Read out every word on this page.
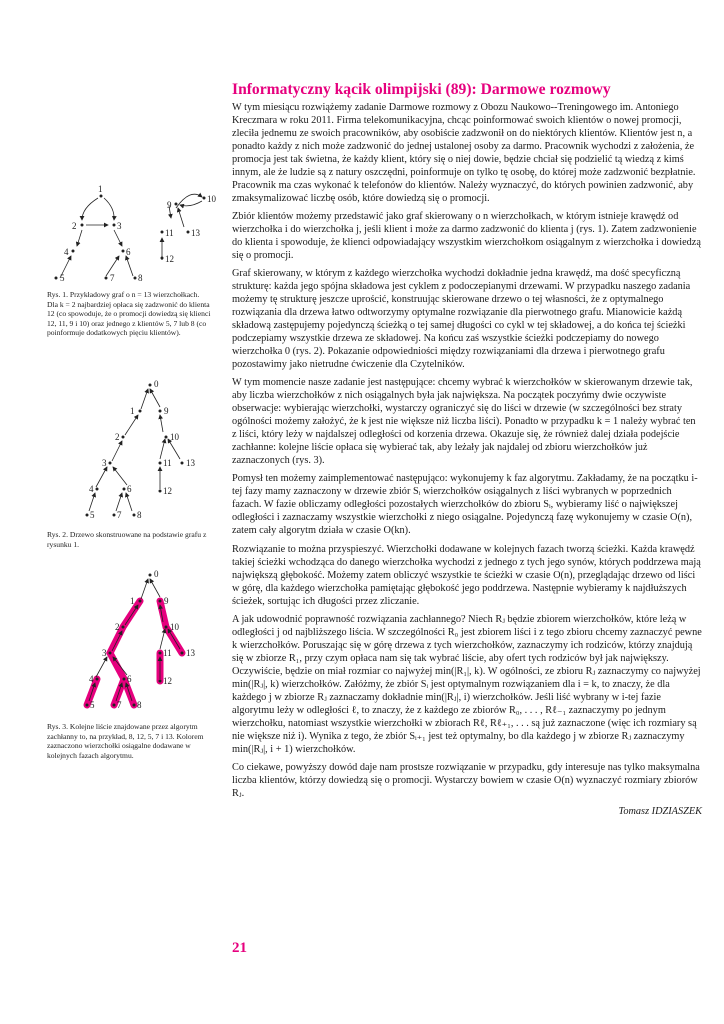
Informatyczny kącik olimpijski (89): Darmowe rozmowy
1
2	3
4
5
6
7	8
9
10
11 13
12
Rys. 1. Przykładowy graf o n = 13 wierzchołkach. Dla k = 2 najbardziej opłaca się zadzwonić do klienta 12 (co spowoduje, że o promocji dowiedzą się klienci 12, 11, 9 i 10) oraz jednego z klientów 5, 7 lub 8 (co poinformuje dodatkowych pięciu klientów).
0
1	9
2	10
3	11 13
4	6	12
5	7 8
Rys. 2. Drzewo skonstruowane na podstawie grafu z rysunku 1.
0
1	9
2	10
3	11 13
4	6	12
5	7 8
Rys. 3. Kolejne liście znajdowane przez algorytm zachłanny to, na przykład, 8, 12, 5, 7 i 13. Kolorem zaznaczono wierzchołki osiągalne dodawane w kolejnych fazach algorytmu.

W tym miesiącu rozwiążemy zadanie Darmowe rozmowy z Obozu Naukowo--Treningowego im. Antoniego Kreczmara w roku 2011. Firma telekomunikacyjna, chcąc poinformować swoich klientów o nowej promocji, zleciła jednemu ze swoich pracowników, aby osobiście zadzwonił on do niektórych klientów. Klientów jest n, a ponadto każdy z nich może zadzwonić do jednej ustalonej osoby za darmo. Pracownik wychodzi z założenia, że promocja jest tak świetna, że każdy klient, który się o niej dowie, będzie chciał się podzielić tą wiedzą z kimś innym, ale że ludzie są z natury oszczędni, poinformuje on tylko tę osobę, do której może zadzwonić bezpłatnie. Pracownik ma czas wykonać k telefonów do klientów. Należy wyznaczyć, do których powinien zadzwonić, aby zmaksymalizować liczbę osób, które dowiedzą się o promocji.

Zbiór klientów możemy przedstawić jako graf skierowany o n wierzchołkach, w którym istnieje krawędź od wierzchołka i do wierzchołka j, jeśli klient i może za darmo zadzwonić do klienta j (rys. 1). Zatem zadzwonienie do klienta i spowoduje, że klienci odpowiadający wszystkim wierzchołkom osiągalnym z wierzchołka i dowiedzą się o promocji.

Graf skierowany, w którym z każdego wierzchołka wychodzi dokładnie jedna krawędź, ma dość specyficzną strukturę: każda jego spójna składowa jest cyklem z podoczepianymi drzewami. W przypadku naszego zadania możemy tę strukturę jeszcze uprościć, konstruując skierowane drzewo o tej własności, że z optymalnego rozwiązania dla drzewa łatwo odtworzymy optymalne rozwiązanie dla pierwotnego grafu. Mianowicie każdą składową zastępujemy pojedynczą ścieżką o tej samej długości co cykl w tej składowej, a do końca tej ścieżki podczepiamy wszystkie drzewa ze składowej. Na końcu zaś wszystkie ścieżki podczepiamy do nowego wierzchołka 0 (rys. 2). Pokazanie odpowiedniości między rozwiązaniami dla drzewa i pierwotnego grafu pozostawimy jako nietrudne ćwiczenie dla Czytelników.

W tym momencie nasze zadanie jest następujące: chcemy wybrać k wierzchołków w skierowanym drzewie tak, aby liczba wierzchołków z nich osiągalnych była jak największa. Na początek poczyńmy dwie oczywiste obserwacje: wybierając wierzchołki, wystarczy ograniczyć się do liści w drzewie (w szczególności bez straty ogólności możemy założyć, że k jest nie większe niż liczba liści). Ponadto w przypadku k = 1 należy wybrać ten z liści, który leży w najdalszej odległości od korzenia drzewa. Okazuje się, że również dalej działa podejście zachłanne: kolejne liście opłaca się wybierać tak, aby leżały jak najdalej od zbioru wierzchołków już zaznaczonych (rys. 3).

Pomysł ten możemy zaimplementować następująco: wykonujemy k faz algorytmu. Zakładamy, że na początku i-tej fazy mamy zaznaczony w drzewie zbiór Sᵢ wierzchołków osiągalnych z liści wybranych w poprzednich fazach. W fazie obliczamy odległości pozostałych wierzchołków do zbioru Sᵢ, wybieramy liść o największej odległości i zaznaczamy wszystkie wierzchołki z niego osiągalne. Pojedynczą fazę wykonujemy w czasie O(n), zatem cały algorytm działa w czasie O(kn).

Rozwiązanie to można przyspieszyć. Wierzchołki dodawane w kolejnych fazach tworzą ścieżki. Każda krawędź takiej ścieżki wchodząca do danego wierzchołka wychodzi z jednego z tych jego synów, których poddrzewa mają największą głębokość. Możemy zatem obliczyć wszystkie te ścieżki w czasie O(n), przeglądając drzewo od liści w górę, dla każdego wierzchołka pamiętając głębokość jego poddrzewa. Następnie wybieramy k najdłuższych ścieżek, sortując ich długości przez zliczanie.

A jak udowodnić poprawność rozwiązania zachłannego? Niech Rⱼ będzie zbiorem wierzchołków, które leżą w odległości j od najbliższego liścia. W szczególności R₀ jest zbiorem liści i z tego zbioru chcemy zaznaczyć pewne k wierzchołków. Poruszając się w górę drzewa z tych wierzchołków, zaznaczymy ich rodziców, którzy znajdują się w zbiorze R₁, przy czym opłaca nam się tak wybrać liście, aby ofert tych rodziców był jak największy. Oczywiście, będzie on miał rozmiar co najwyżej min(|R₁|, k). W ogólności, ze zbioru Rⱼ zaznaczymy co najwyżej min(|Rⱼ|, k) wierzchołków. Załóżmy, że zbiór Sᵢ jest optymalnym rozwiązaniem dla i = k, to znaczy, że dla każdego j w zbiorze Rⱼ zaznaczamy dokładnie min(|Rⱼ|, i) wierzchołków. Jeśli liść wybrany w i-tej fazie algorytmu leży w odległości ℓ, to znaczy, że z każdego ze zbiorów R₀, . . . , Rℓ₋₁ zaznaczymy po jednym wierzchołku, natomiast wszystkie wierzchołki w zbiorach Rℓ, Rℓ₊₁, . . . są już zaznaczone (więc ich rozmiary są nie większe niż i). Wynika z tego, że zbiór Sᵢ₊₁ jest też optymalny, bo dla każdego j w zbiorze Rⱼ zaznaczymy min(|Rⱼ|, i + 1) wierzchołków.

Co ciekawe, powyższy dowód daje nam prostsze rozwiązanie w przypadku, gdy interesuje nas tylko maksymalna liczba klientów, którzy dowiedzą się o promocji. Wystarczy bowiem w czasie O(n) wyznaczyć rozmiary zbiorów Rⱼ.

Tomasz IDZIASZEK

21
